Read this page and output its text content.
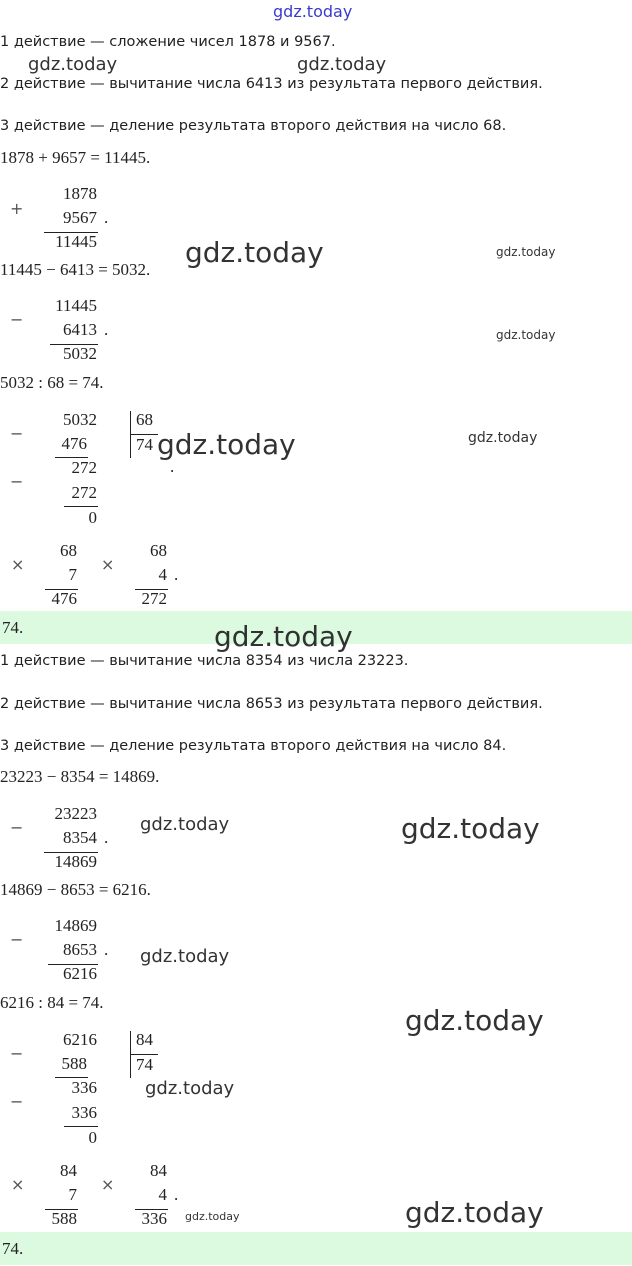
gdz.today
1 действие — сложение чисел 1878 и 9567.
2 действие — вычитание числа 6413 из результата первого действия.
3 действие — деление результата второго действия на число 68.
1878 + 9657 = 11445.
+
1878
9567 .
11445
11445 − 6413 = 5032.
−
11445
6413 .
5032
5032 : 68 = 74.
−
5032
476
−
272
272
0
68
74
.
×
68
7
476
×
68
4 .
272
74.
1 действие — вычитание числа 8354 из числа 23223.
2 действие — вычитание числа 8653 из результата первого действия.
3 действие — деление результата второго действия на число 84.
23223 − 8354 = 14869.
−
23223
8354 .
14869
14869 − 8653 = 6216.
−
14869
8653 .
6216
6216 : 84 = 74.
−
6216
588
−
336
336
0
84
74
×
84
7
588
×
84
4 .
336
74.
gdz.today	gdz.today
gdz.today	gdz.today
gdz.today
gdz.today	gdz.today
gdz.today
gdz.today	gdz.today
gdz.today
gdz.today
gdz.today
gdz.today	gdz.today
